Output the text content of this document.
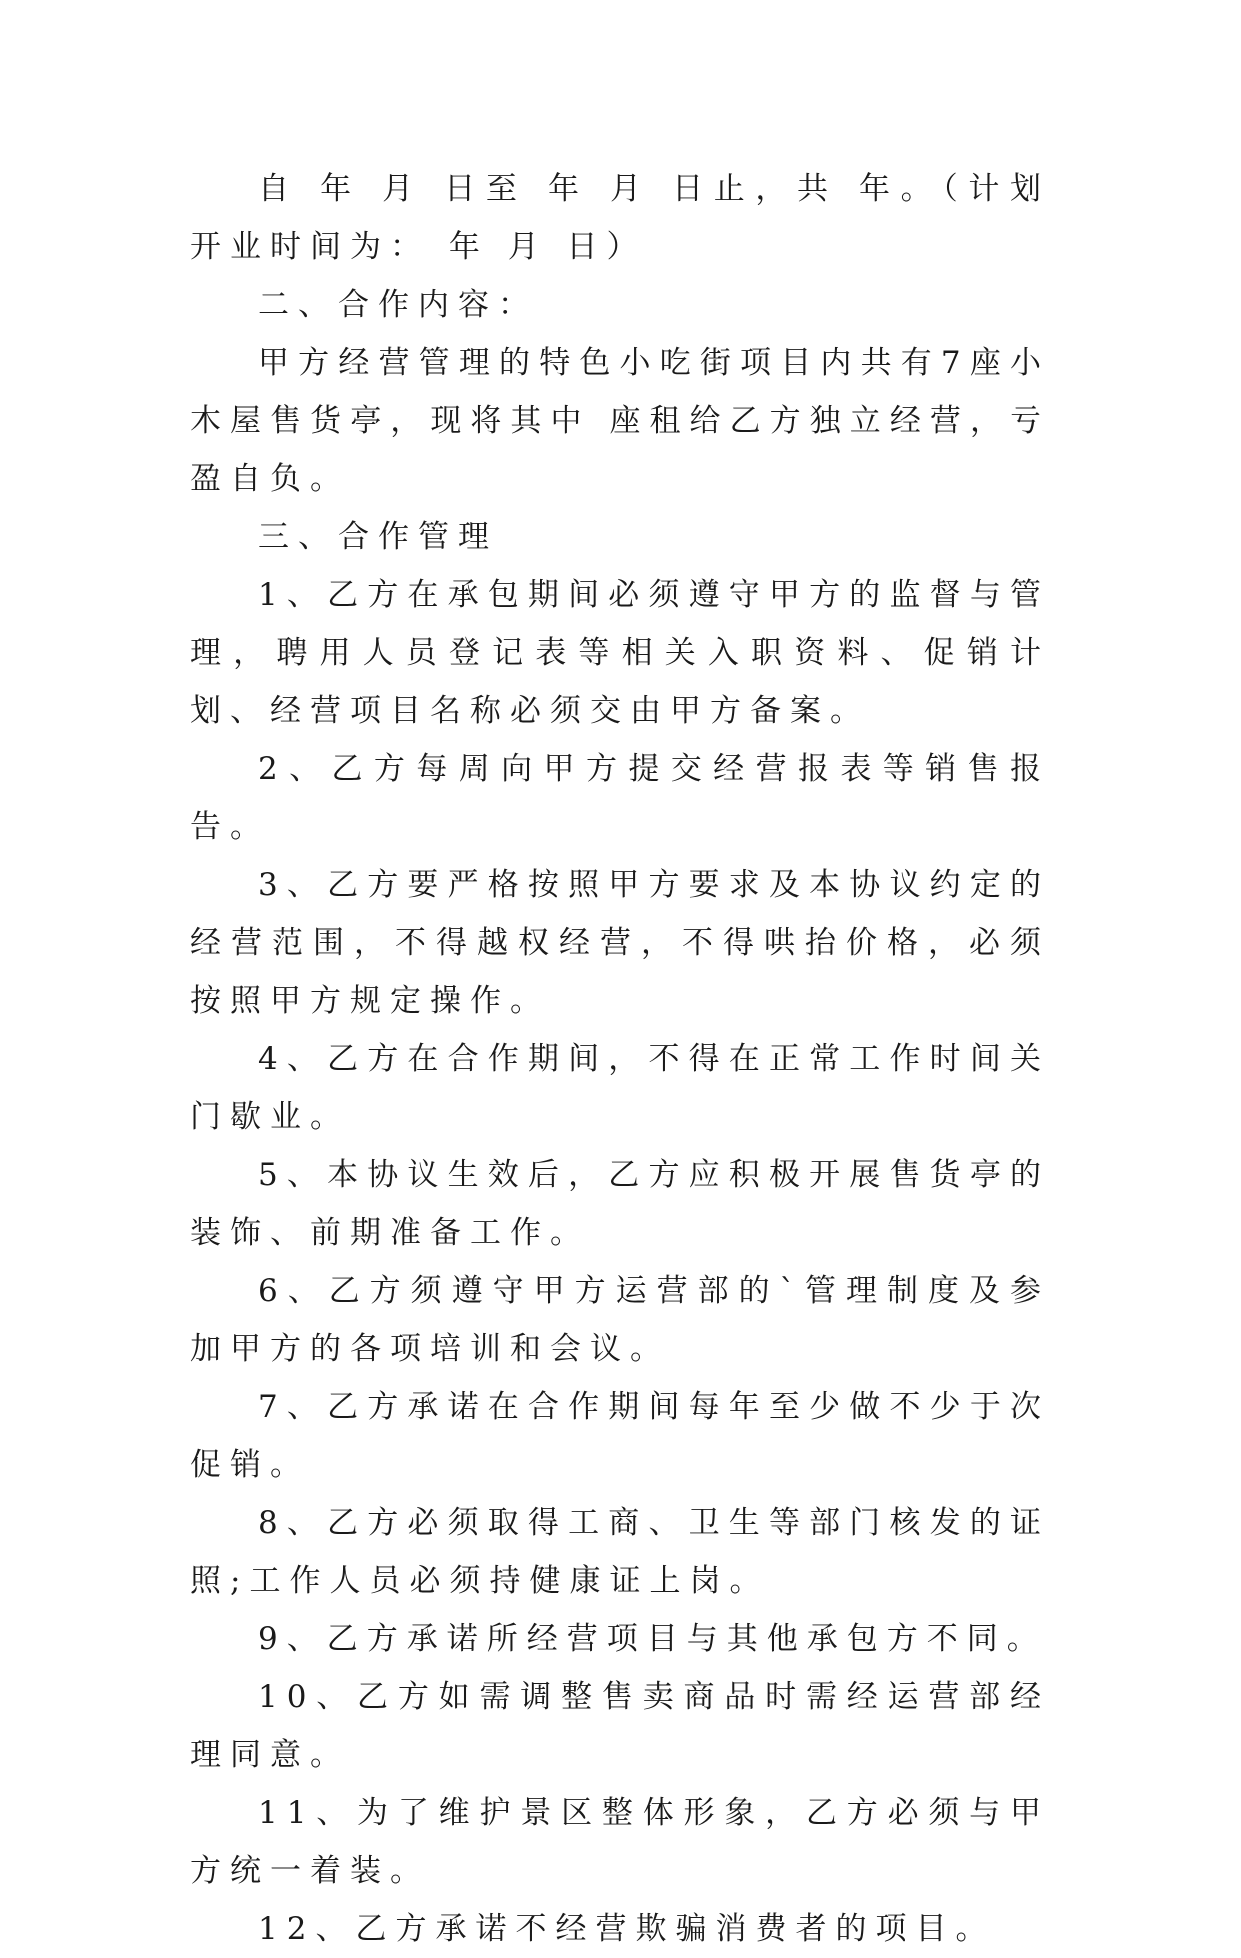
自 年 月 日至 年 月 日止，共 年。（计划开业时间为： 年 月 日）

二、合作内容：

甲方经营管理的特色小吃街项目内共有7座小木屋售货亭，现将其中 座租给乙方独立经营，亏盈自负。

三、合作管理

1、乙方在承包期间必须遵守甲方的监督与管理，聘用人员登记表等相关入职资料、促销计划、经营项目名称必须交由甲方备案。

2、乙方每周向甲方提交经营报表等销售报告。

3、乙方要严格按照甲方要求及本协议约定的经营范围，不得越权经营，不得哄抬价格，必须按照甲方规定操作。

4、乙方在合作期间，不得在正常工作时间关门歇业。

5、本协议生效后，乙方应积极开展售货亭的装饰、前期准备工作。

6、乙方须遵守甲方运营部的`管理制度及参加甲方的各项培训和会议。

7、乙方承诺在合作期间每年至少做不少于次促销。

8、乙方必须取得工商、卫生等部门核发的证照;工作人员必须持健康证上岗。

9、乙方承诺所经营项目与其他承包方不同。

10、乙方如需调整售卖商品时需经运营部经理同意。

11、为了维护景区整体形象，乙方必须与甲方统一着装。

12、乙方承诺不经营欺骗消费者的项目。
